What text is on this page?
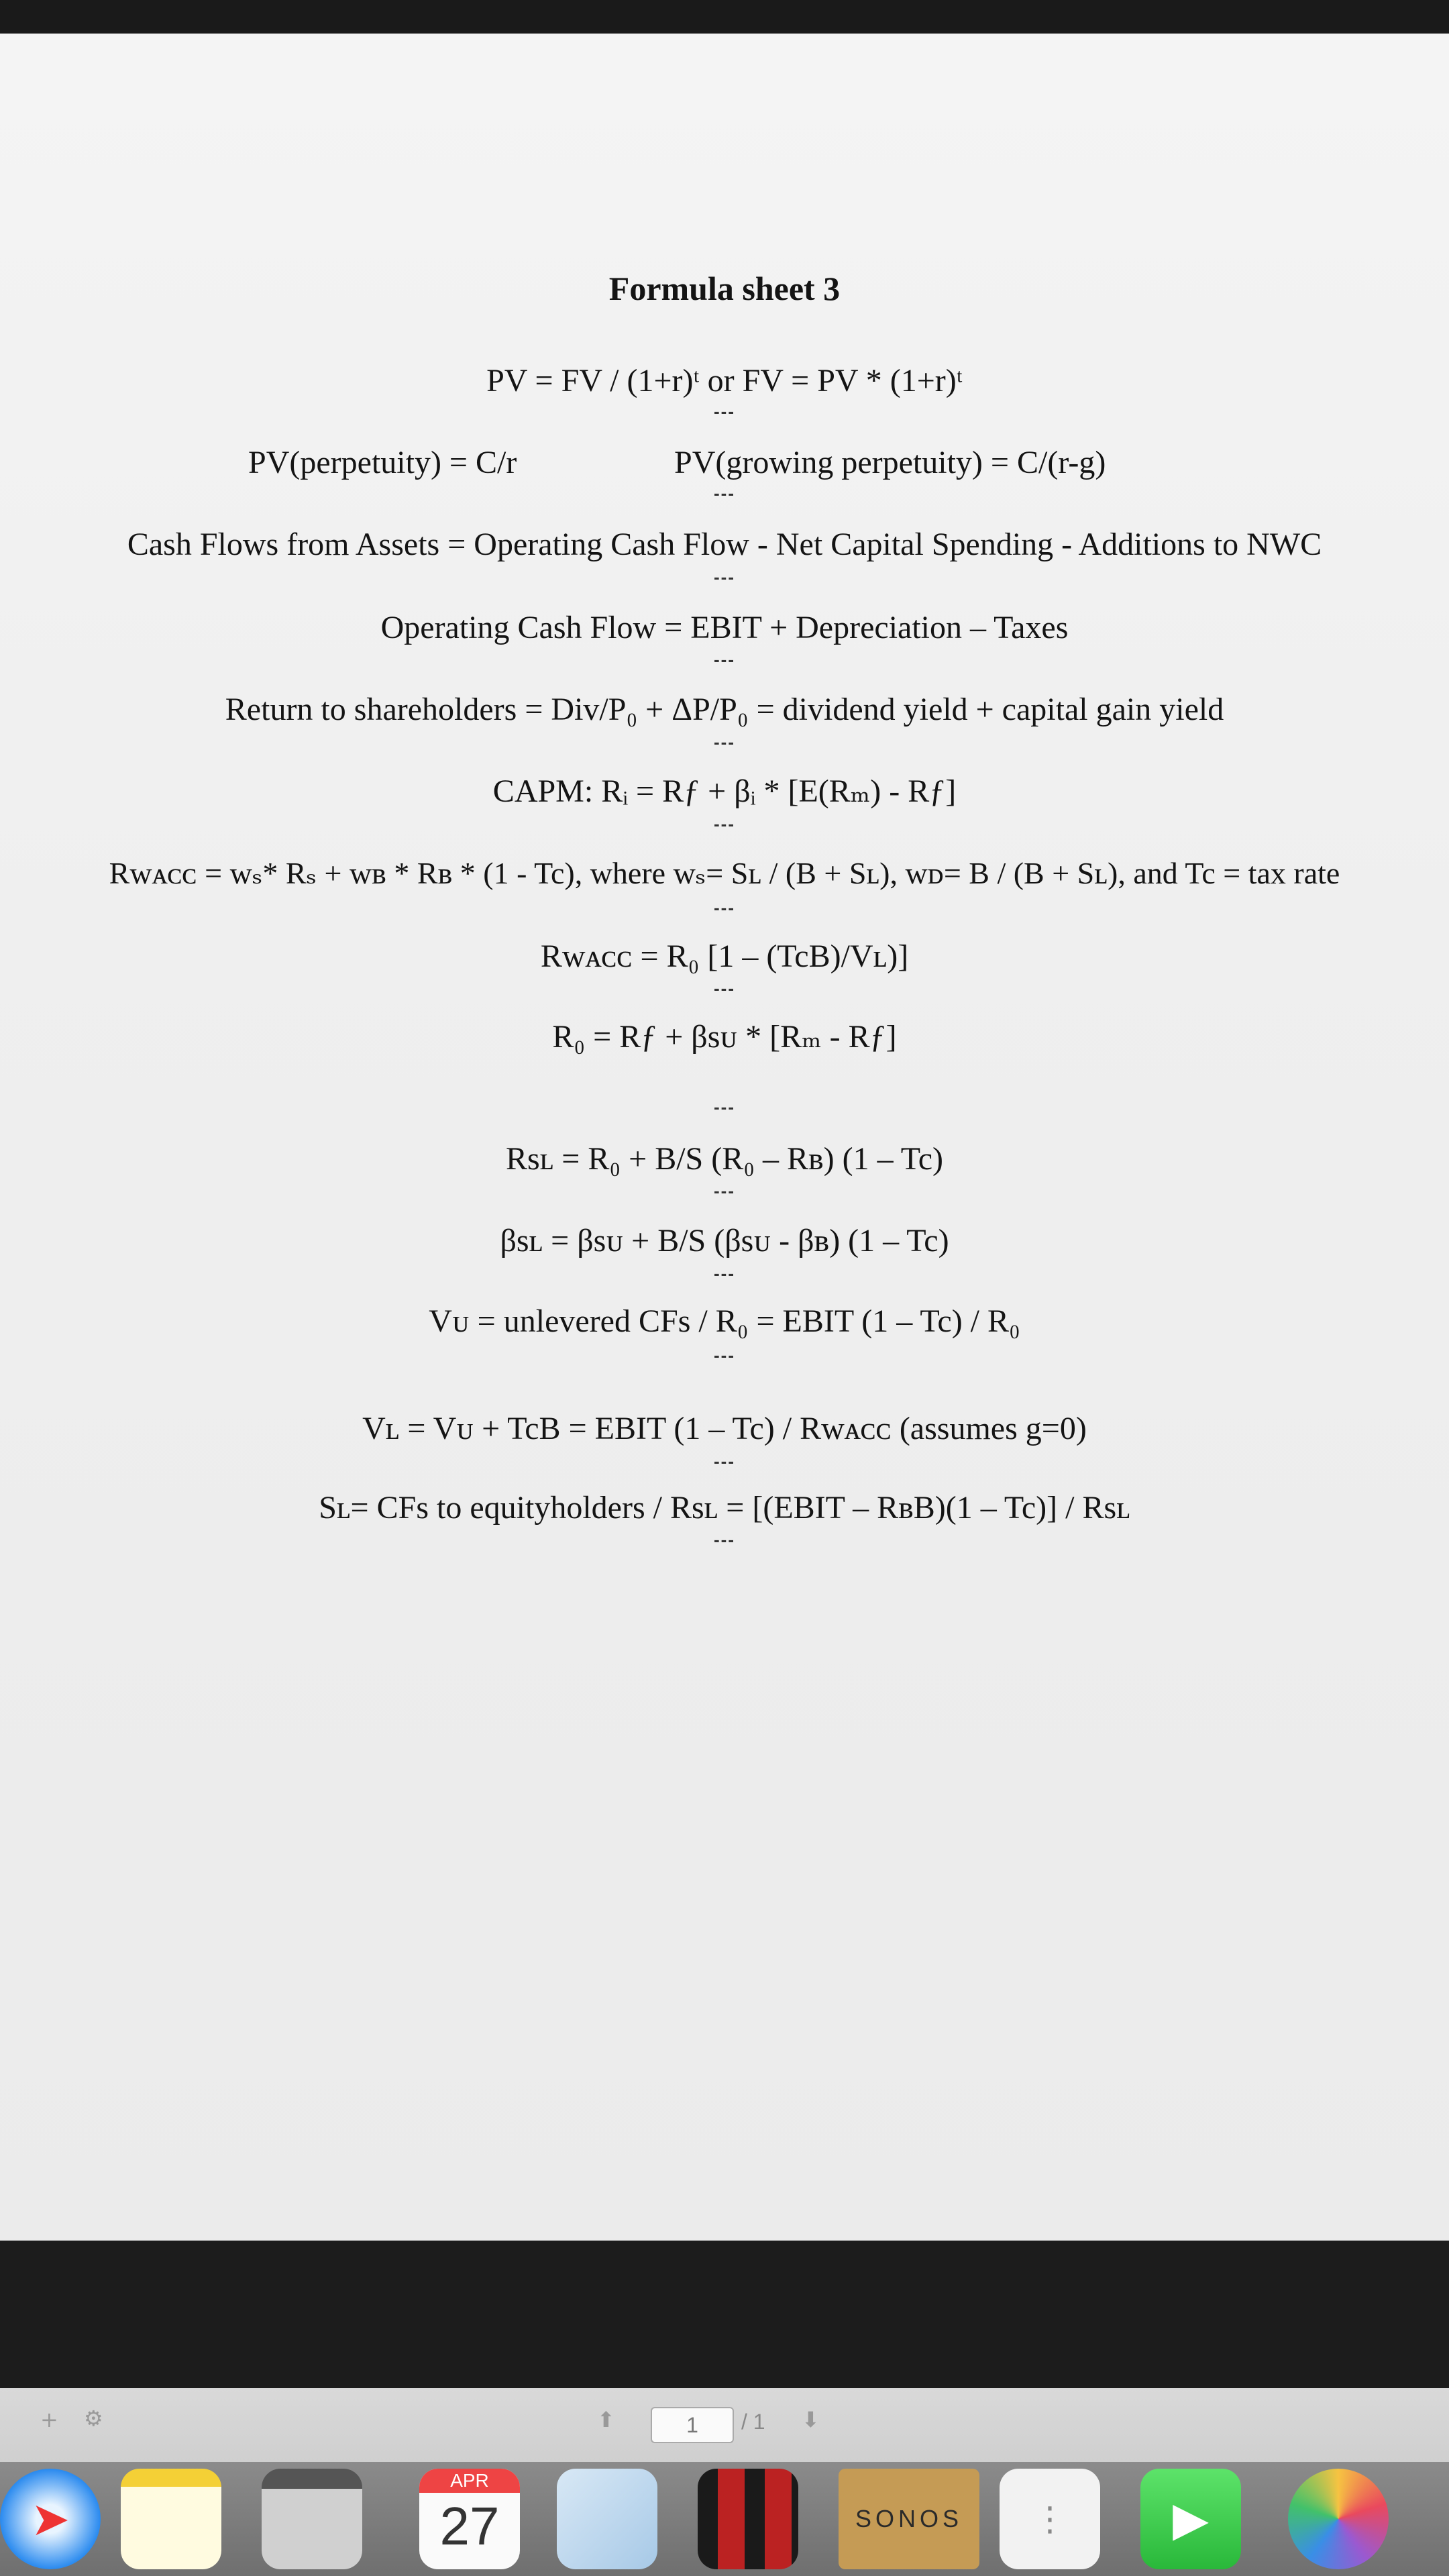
Formula sheet 3
PV = FV / (1+r)ᵗ or FV = PV * (1+r)ᵗ
---
PV(perpetuity) = C/r	PV(growing perpetuity) = C/(r-g)
---
Cash Flows from Assets = Operating Cash Flow - Net Capital Spending - Additions to NWC
---
Operating Cash Flow = EBIT + Depreciation – Taxes
---
Return to shareholders = Div/P₀ + ΔP/P₀ = dividend yield + capital gain yield
---
CAPM: Rᵢ = Rƒ + βᵢ * [E(Rₘ) - Rƒ]
---
Rᴡᴀᴄᴄ = wₛ* Rₛ + wʙ * Rʙ * (1 - Tc), where wₛ= Sʟ / (B + Sʟ), wᴅ= B / (B + Sʟ), and Tc = tax rate
---
Rᴡᴀᴄᴄ = R₀ [1 – (TcB)/Vʟ)]
---
R₀ = Rƒ + βsᴜ * [Rₘ - Rƒ]
---
Rsʟ = R₀ + B/S (R₀ – Rʙ) (1 – Tc)
---
βsʟ = βsᴜ + B/S (βsᴜ - βʙ) (1 – Tc)
---
Vᴜ = unlevered CFs / R₀ = EBIT (1 – Tc) / R₀
---
Vʟ = Vᴜ + TcB = EBIT (1 – Tc) / Rᴡᴀᴄᴄ (assumes g=0)
---
Sʟ= CFs to equityholders / Rsʟ = [(EBIT – RʙB)(1 – Tc)] / Rsʟ
---
+ ⚙	⬆	⬇
1	/ 1
➤
APR
27	SONOS	⋮	▶
